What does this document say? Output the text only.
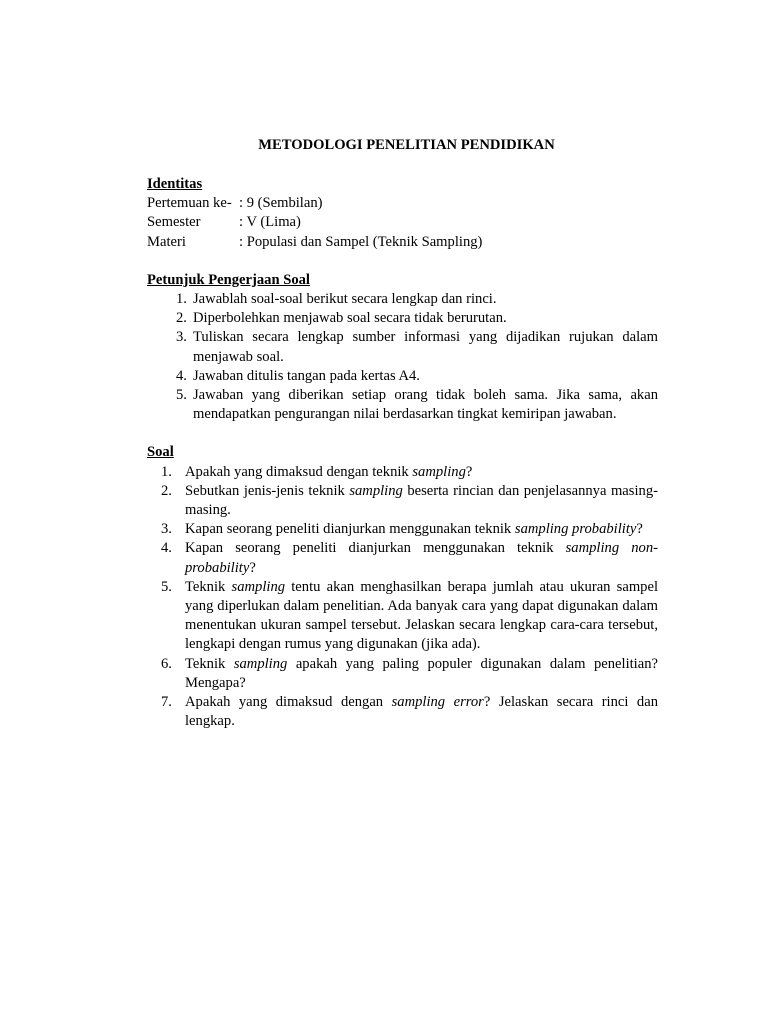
METODOLOGI PENELITIAN PENDIDIKAN

Identitas

Pertemuan ke- : 9 (Sembilan)
Semester	: V (Lima)
Materi	: Populasi dan Sampel (Teknik Sampling)

Petunjuk Pengerjaan Soal

1. Jawablah soal-soal berikut secara lengkap dan rinci.
2. Diperbolehkan menjawab soal secara tidak berurutan.
3. Tuliskan secara lengkap sumber informasi yang dijadikan rujukan dalam menjawab soal.
4. Jawaban ditulis tangan pada kertas A4.
5. Jawaban yang diberikan setiap orang tidak boleh sama. Jika sama, akan mendapatkan pengurangan nilai berdasarkan tingkat kemiripan jawaban.

Soal

1. Apakah yang dimaksud dengan teknik sampling?
2. Sebutkan jenis-jenis teknik sampling beserta rincian dan penjelasannya masing-masing.
3. Kapan seorang peneliti dianjurkan menggunakan teknik sampling probability?
4. Kapan seorang peneliti dianjurkan menggunakan teknik sampling non-probability?
5. Teknik sampling tentu akan menghasilkan berapa jumlah atau ukuran sampel yang diperlukan dalam penelitian. Ada banyak cara yang dapat digunakan dalam menentukan ukuran sampel tersebut. Jelaskan secara lengkap cara-cara tersebut, lengkapi dengan rumus yang digunakan (jika ada).
6. Teknik sampling apakah yang paling populer digunakan dalam penelitian? Mengapa?
7. Apakah yang dimaksud dengan sampling error? Jelaskan secara rinci dan lengkap.
